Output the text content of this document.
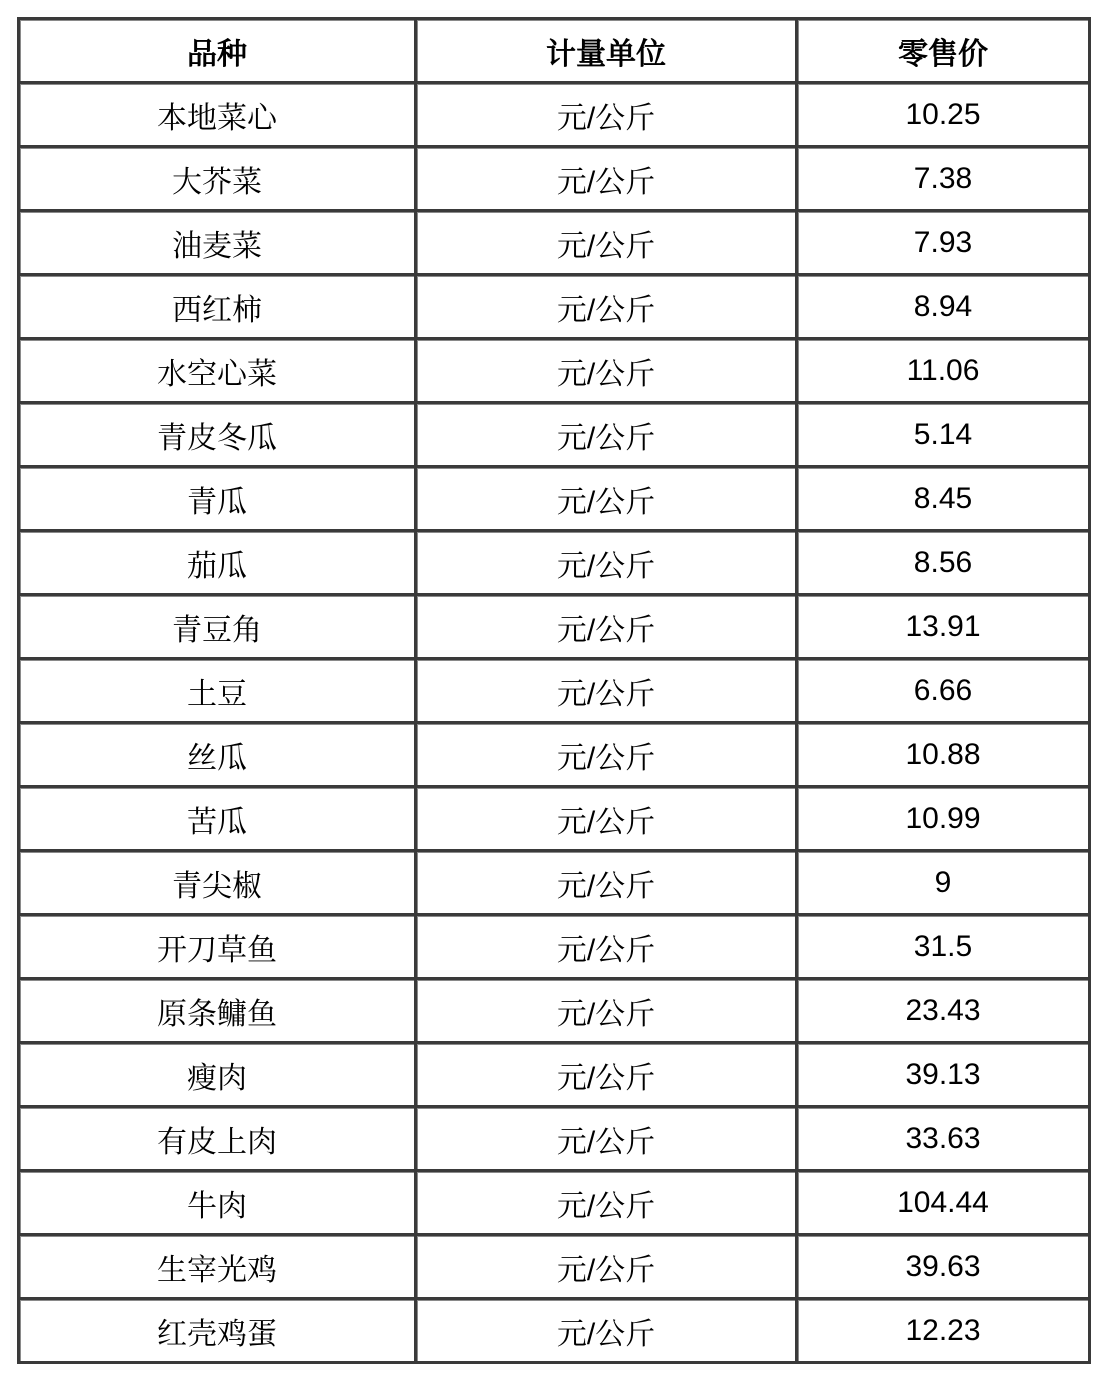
品种	计量单位	零售价
本地菜心	元/公斤	10.25
大芥菜	元/公斤	7.38
油麦菜	元/公斤	7.93
西红柿	元/公斤	8.94
水空心菜	元/公斤	11.06
青皮冬瓜	元/公斤	5.14
青瓜	元/公斤	8.45
茄瓜	元/公斤	8.56
青豆角	元/公斤	13.91
土豆	元/公斤	6.66
丝瓜	元/公斤	10.88
苦瓜	元/公斤	10.99
青尖椒	元/公斤	9
开刀草鱼	元/公斤	31.5
原条鳙鱼	元/公斤	23.43
瘦肉	元/公斤	39.13
有皮上肉	元/公斤	33.63
牛肉	元/公斤	104.44
生宰光鸡	元/公斤	39.63
红壳鸡蛋	元/公斤	12.23
